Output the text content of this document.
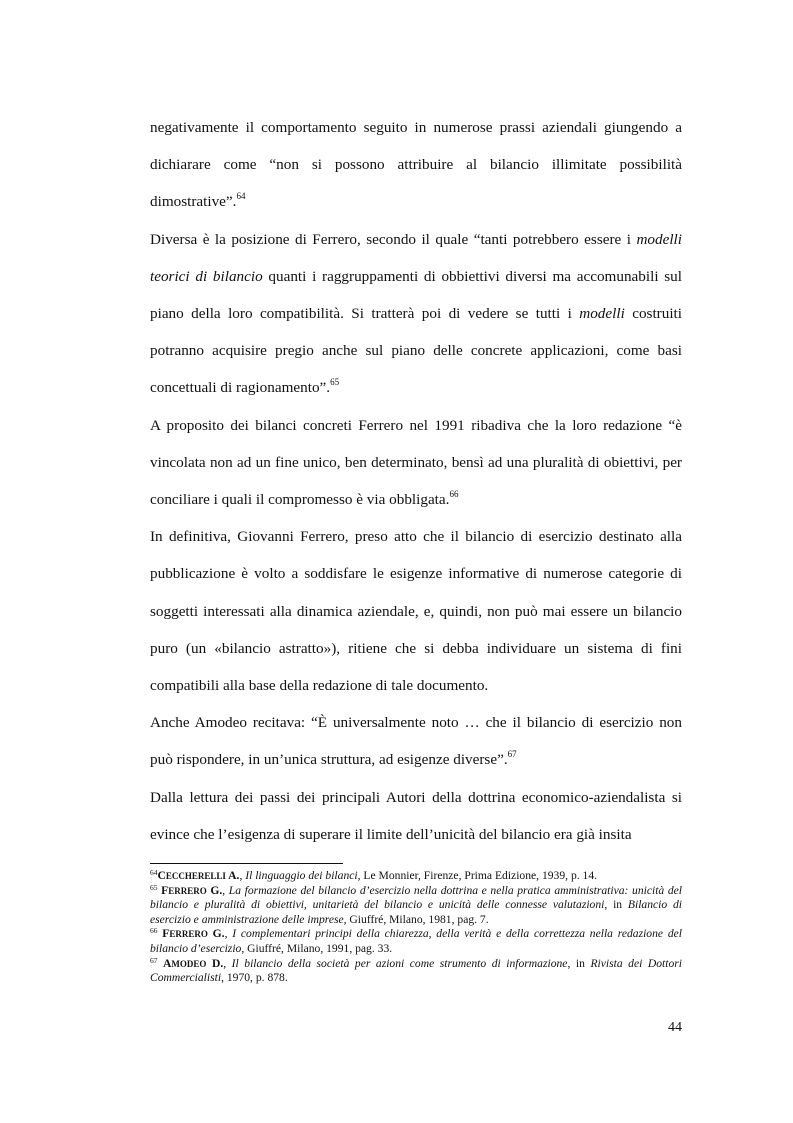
negativamente il comportamento seguito in numerose prassi aziendali giungendo a dichiarare come “non si possono attribuire al bilancio illimitate possibilità dimostrative”.$^{64}$

Diversa è la posizione di Ferrero, secondo il quale “tanti potrebbero essere i modelli teorici di bilancio quanti i raggruppamenti di obbiettivi diversi ma accomunabili sul piano della loro compatibilità. Si tratterà poi di vedere se tutti i modelli costruiti potranno acquisire pregio anche sul piano delle concrete applicazioni, come basi concettuali di ragionamento”.$^{65}$

A proposito dei bilanci concreti Ferrero nel 1991 ribadiva che la loro redazione “è vincolata non ad un fine unico, ben determinato, bensì ad una pluralità di obiettivi, per conciliare i quali il compromesso è via obbligata.$^{66}$

In definitiva, Giovanni Ferrero, preso atto che il bilancio di esercizio destinato alla pubblicazione è volto a soddisfare le esigenze informative di numerose categorie di soggetti interessati alla dinamica aziendale, e, quindi, non può mai essere un bilancio puro (un «bilancio astratto»), ritiene che si debba individuare un sistema di fini compatibili alla base della redazione di tale documento.

Anche Amodeo recitava: “È universalmente noto … che il bilancio di esercizio non può rispondere, in un’unica struttura, ad esigenze diverse”.$^{67}$

Dalla lettura dei passi dei principali Autori della dottrina economico-aziendalista si evince che l’esigenza di superare il limite dell’unicità del bilancio era già insita

$^{64}$CECCHERELLI A., Il linguaggio dei bilanci, Le Monnier, Firenze, Prima Edizione, 1939, p. 14.

$^{65}$ FERRERO G., La formazione del bilancio d’esercizio nella dottrina e nella pratica amministrativa: unicità del bilancio e pluralità di obiettivi, unitarietà del bilancio e unicità delle connesse valutazioni, in Bilancio di esercizio e amministrazione delle imprese, Giuffré, Milano, 1981, pag. 7.

$^{66}$ FERRERO G., I complementari principi della chiarezza, della verità e della correttezza nella redazione del bilancio d’esercizio, Giuffré, Milano, 1991, pag. 33.

$^{67}$ AMODEO D., Il bilancio della società per azioni come strumento di informazione, in Rivista dei Dottori Commercialisti, 1970, p. 878.

44
